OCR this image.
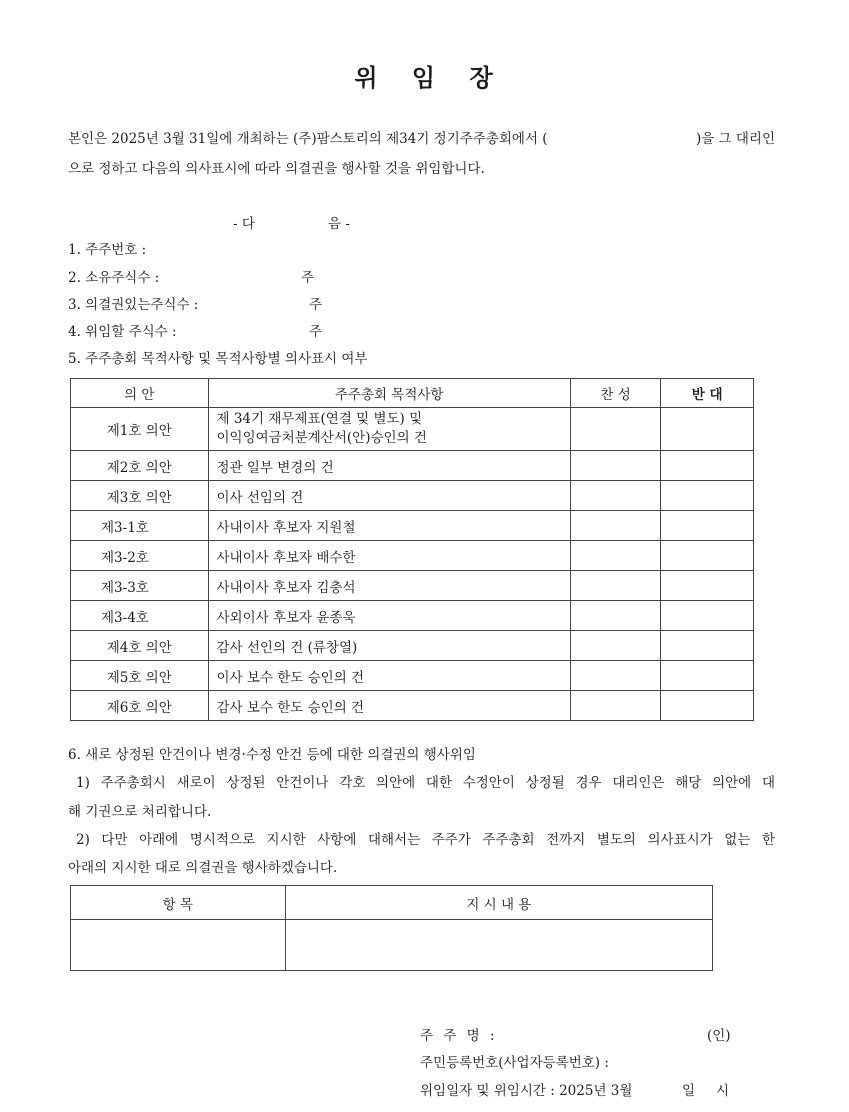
위 임 장
본인은 2025년 3월 31일에 개최하는 (주)팜스토리의 제34기 정기주주총회에서 (	)을 그 대리인
으로 정하고 다음의 의사표시에 따라 의결권을 행사할 것을 위임합니다.
- 다	음 -
1. 주주번호 :
2. 소유주식수 :	주
3. 의결권있는주식수 :	주
4. 위임할 주식수 :	주
5. 주주총회 목적사항 및 목적사항별 의사표시 여부
의 안	주주총회 목적사항	찬 성	반 대
제1호 의안	제 34기 재무제표(연결 및 별도) 및
이익잉여금처분계산서(안)승인의 건		

제2호 의안	정관 일부 변경의 건		
제3호 의안	이사 선임의 건		
제3-1호	사내이사 후보자 지원철		
제3-2호	사내이사 후보자 배수한		
제3-3호	사내이사 후보자 김충석		
제3-4호	사외이사 후보자 윤종욱		
제4호 의안	감사 선인의 건 (류창열)		
제5호 의안	이사 보수 한도 승인의 건		
제6호 의안	감사 보수 한도 승인의 건		
6. 새로 상정된 안건이나 변경·수정 안건 등에 대한 의결권의 행사위임
1) 주주총회시 새로이 상정된 안건이나 각호 의안에 대한 수정안이 상정될 경우 대리인은 해당 의안에 대
해 기권으로 처리합니다.
2) 다만 아래에 명시적으로 지시한 사항에 대해서는 주주가 주주총회 전까지 별도의 의사표시가 없는 한
아래의 지시한 대로 의결권을 행사하겠습니다.
항 목	지 시 내 용

주 주 명 :	(인)
주민등록번호(사업자등록번호) :
위임일자 및 위임시간 : 2025년 3월	일 시
